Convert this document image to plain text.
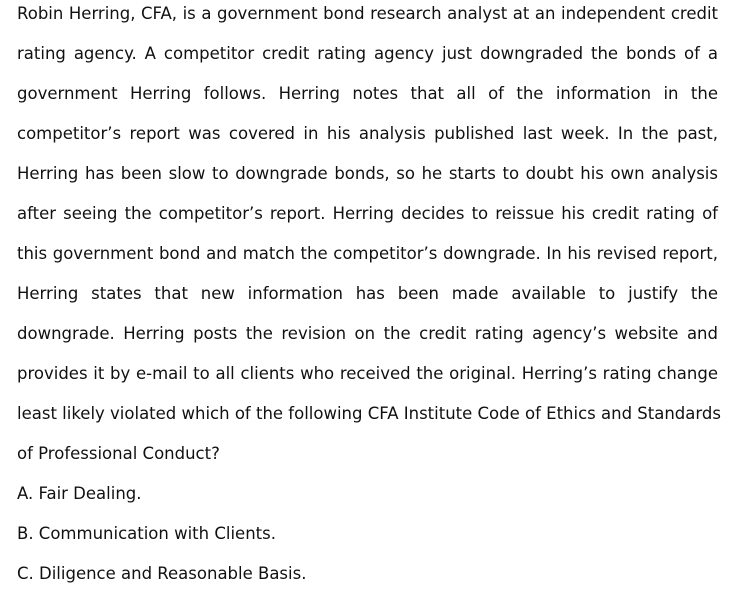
Robin Herring, CFA, is a government bond research analyst at an independent credit
rating agency. A competitor credit rating agency just downgraded the bonds of a
government Herring follows. Herring notes that all of the information in the
competitor’s report was covered in his analysis published last week. In the past,
Herring has been slow to downgrade bonds, so he starts to doubt his own analysis
after seeing the competitor’s report. Herring decides to reissue his credit rating of
this government bond and match the competitor’s downgrade. In his revised report,
Herring states that new information has been made available to justify the
downgrade. Herring posts the revision on the credit rating agency’s website and
provides it by e-mail to all clients who received the original. Herring’s rating change
least likely violated which of the following CFA Institute Code of Ethics and Standards
of Professional Conduct?
A. Fair Dealing.
B. Communication with Clients.
C. Diligence and Reasonable Basis.
